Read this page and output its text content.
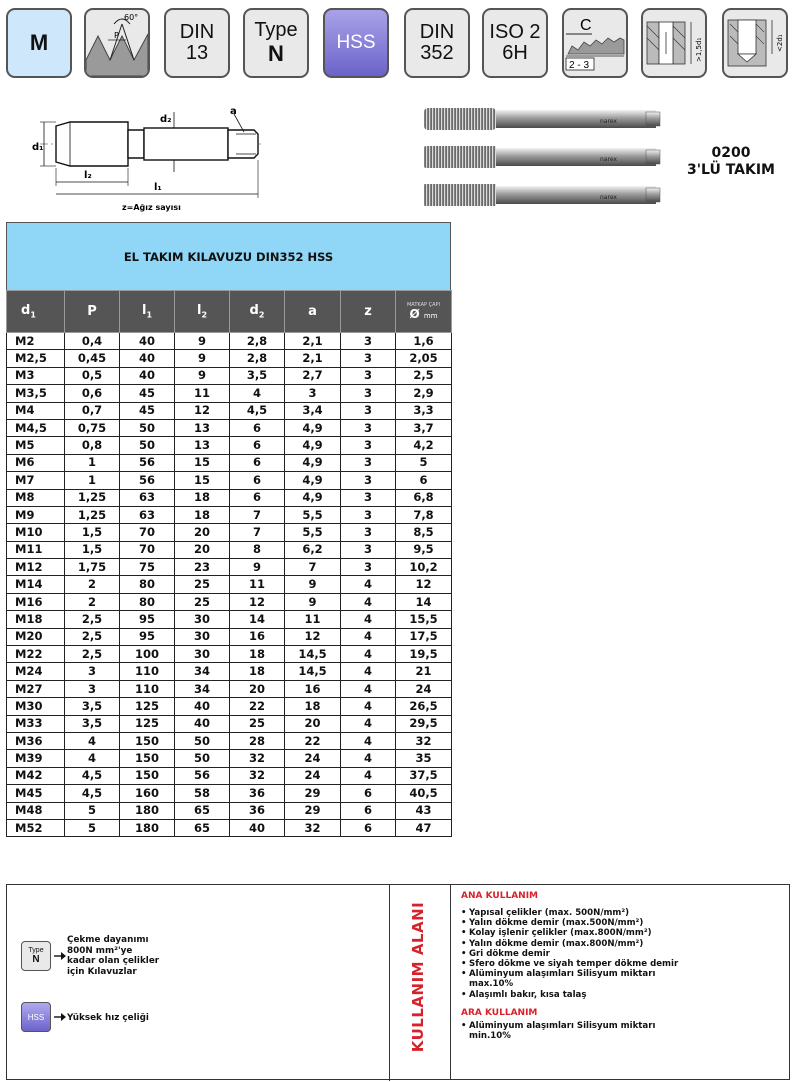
M
60°
P	DIN 13
Type
N	HSS DIN
352
ISO 2
6H
C
2 - 3
>1,5d₁	<2d₁
d₁
d₂
a
l₂
l₁
z=Ağız sayısı
narex
narex
narex
0200
3'LÜ TAKIM
EL TAKIM KILAVUZU DIN352 HSS
$d_1$	P	$l_1$	$l_2$	$d_2$	a	z	MATKAP ÇAPI
Ø mm

M2	0,4	40	9	2,8	2,1	3	1,6
M2,5	0,45	40	9	2,8	2,1	3	2,05
M3	0,5	40	9	3,5	2,7	3	2,5
M3,5	0,6	45	11	4	3	3	2,9
M4	0,7	45	12	4,5	3,4	3	3,3
M4,5	0,75	50	13	6	4,9	3	3,7
M5	0,8	50	13	6	4,9	3	4,2
M6	1	56	15	6	4,9	3	5
M7	1	56	15	6	4,9	3	6
M8	1,25	63	18	6	4,9	3	6,8
M9	1,25	63	18	7	5,5	3	7,8
M10	1,5	70	20	7	5,5	3	8,5
M11	1,5	70	20	8	6,2	3	9,5
M12	1,75	75	23	9	7	3	10,2
M14	2	80	25	11	9	4	12
M16	2	80	25	12	9	4	14
M18	2,5	95	30	14	11	4	15,5
M20	2,5	95	30	16	12	4	17,5
M22	2,5	100	30	18	14,5	4	19,5
M24	3	110	34	18	14,5	4	21
M27	3	110	34	20	16	4	24
M30	3,5	125	40	22	18	4	26,5
M33	3,5	125	40	25	20	4	29,5
M36	4	150	50	28	22	4	32
M39	4	150	50	32	24	4	35
M42	4,5	150	56	32	24	4	37,5
M45	4,5	160	58	36	29	6	40,5
M48	5	180	65	36	29	6	43
M52	5	180	65	40	32	6	47
Type
N
Çekme dayanımı
800N mm²'ye
kadar olan çelikler
için Kılavuzlar
HSS	Yüksek hız çeliği	KULLANIM ALANI
ANA KULLANIM
• Yapısal çelikler (max. 500N/mm²)
• Yalın dökme demir (max.500N/mm²)
• Kolay işlenir çelikler (max.800N/mm²)
• Yalın dökme demir (max.800N/mm²)
• Gri dökme demir
• Sfero dökme ve siyah temper dökme demir
• Alüminyum alaşımları Silisyum miktarı max.10%
• Alaşımlı bakır, kısa talaş
ARA KULLANIM
• Alüminyum alaşımları Silisyum miktarı min.10%
